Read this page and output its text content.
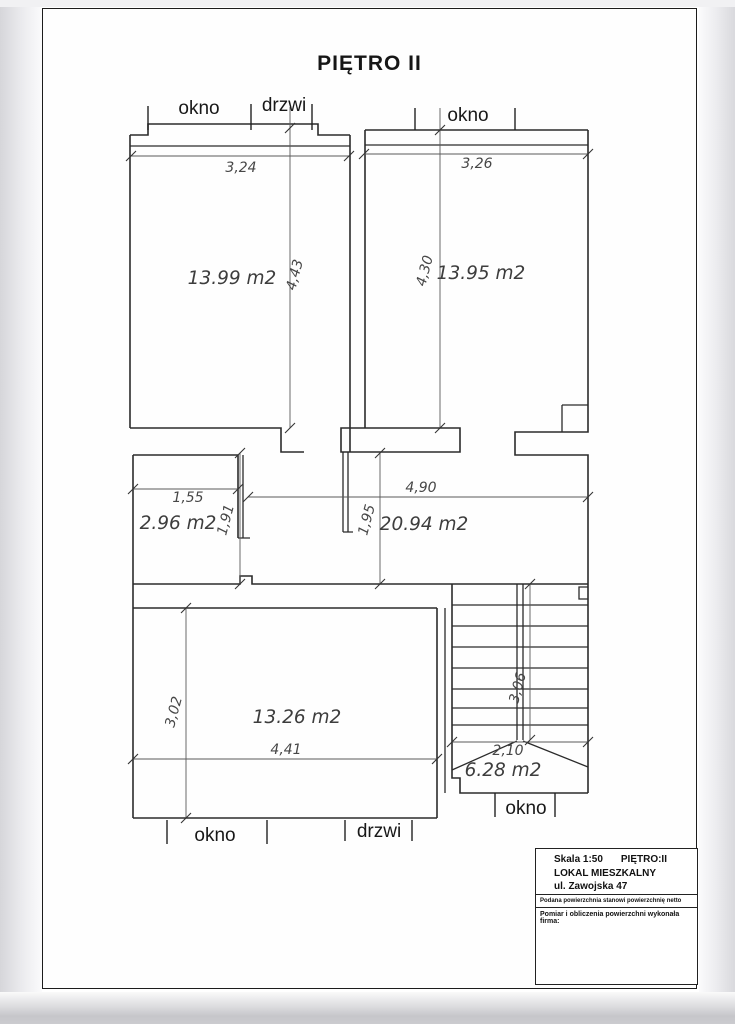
PIĘTRO II
13.99 m2	13.95 m2
2.96 m2	20.94 m2
13.26 m2
6.28 m2
3,24	3,26
4,43	4,30
1,55
1,91
4,90
1,95
3,02
4,41
3,06
2,10
okno drzwi	okno
okno	drzwi
okno
Skala 1:50 PIĘTRO:II
LOKAL MIESZKALNY
ul. Zawojska 47
Podana powierzchnia stanowi powierzchnię netto
Pomiar i obliczenia powierzchni wykonała firma:
